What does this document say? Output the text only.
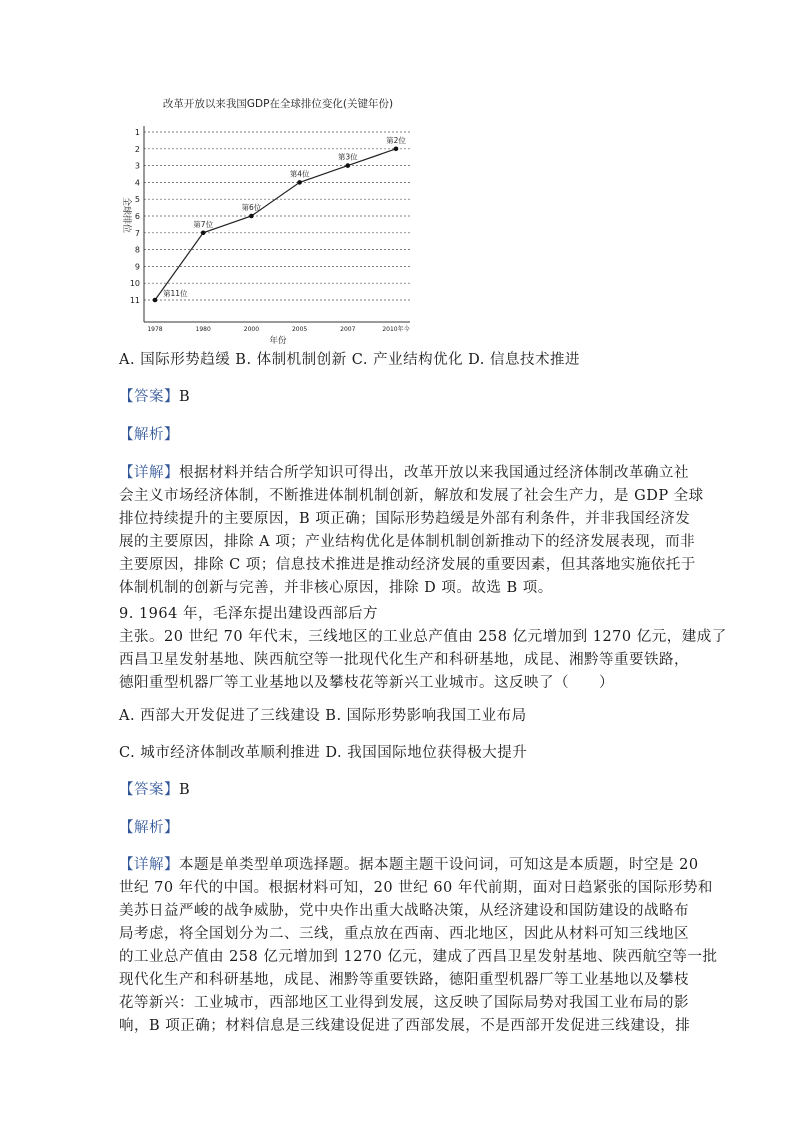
改革开放以来我国GDP在全球排位变化(关键年份)
1
2
3
4
5
6
7
8
9
10
11
1978	1980	2000	2005	2007	2010年今
年份
全球排位
第11位
第7位
第6位
第4位
第3位
第2位

A. 国际形势趋缓 B. 体制机制创新 C. 产业结构优化 D. 信息技术推进

【答案】B

【解析】

【详解】根据材料并结合所学知识可得出，改革开放以来我国通过经济体制改革确立社
会主义市场经济体制，不断推进体制机制创新，解放和发展了社会生产力，是 GDP 全球
排位持续提升的主要原因，B 项正确；国际形势趋缓是外部有利条件，并非我国经济发
展的主要原因，排除 A 项；产业结构优化是体制机制创新推动下的经济发展表现，而非
主要原因，排除 C 项；信息技术推进是推动经济发展的重要因素，但其落地实施依托于
体制机制的创新与完善，并非核心原因，排除 D 项。故选 B 项。
9. 1964 年，毛泽东提出建设西部后方
主张。20 世纪 70 年代末，三线地区的工业总产值由 258 亿元增加到 1270 亿元，建成了
西昌卫星发射基地、陕西航空等一批现代化生产和科研基地，成昆、湘黔等重要铁路，
德阳重型机器厂等工业基地以及攀枝花等新兴工业城市。这反映了（　　）

A. 西部大开发促进了三线建设 B. 国际形势影响我国工业布局

C. 城市经济体制改革顺利推进 D. 我国国际地位获得极大提升

【答案】B

【解析】

【详解】本题是单类型单项选择题。据本题主题干设问词，可知这是本质题，时空是 20
世纪 70 年代的中国。根据材料可知，20 世纪 60 年代前期，面对日趋紧张的国际形势和
美苏日益严峻的战争威胁，党中央作出重大战略决策，从经济建设和国防建设的战略布
局考虑，将全国划分为二、三线，重点放在西南、西北地区，因此从材料可知三线地区
的工业总产值由 258 亿元增加到 1270 亿元，建成了西昌卫星发射基地、陕西航空等一批
现代化生产和科研基地，成昆、湘黔等重要铁路，德阳重型机器厂等工业基地以及攀枝
花等新兴：工业城市，西部地区工业得到发展，这反映了国际局势对我国工业布局的影
响，B 项正确；材料信息是三线建设促进了西部发展，不是西部开发促进三线建设，排
